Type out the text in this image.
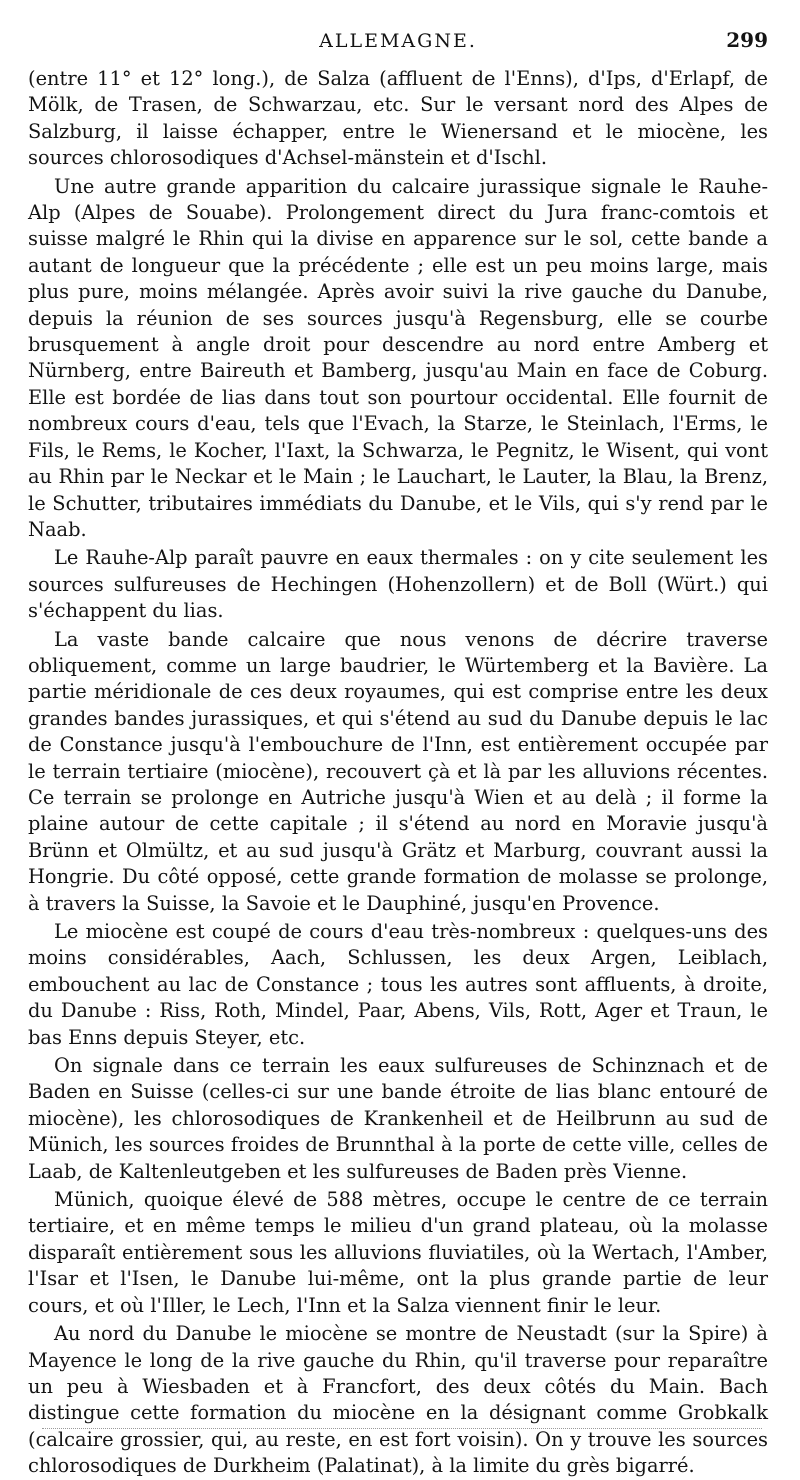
ALLEMAGNE.	299

(entre 11° et 12° long.), de Salza (affluent de l'Enns), d'Ips, d'Erlapf, de Mölk, de Trasen, de Schwarzau, etc. Sur le versant nord des Alpes de Salzburg, il laisse échapper, entre le Wienersand et le miocène, les sources chlorosodiques d'Achsel-mänstein et d'Ischl.

Une autre grande apparition du calcaire jurassique signale le Rauhe-Alp (Alpes de Souabe). Prolongement direct du Jura franc-comtois et suisse malgré le Rhin qui la divise en apparence sur le sol, cette bande a autant de longueur que la précédente ; elle est un peu moins large, mais plus pure, moins mélangée. Après avoir suivi la rive gauche du Danube, depuis la réunion de ses sources jusqu'à Regensburg, elle se courbe brusquement à angle droit pour descendre au nord entre Amberg et Nürnberg, entre Baireuth et Bamberg, jusqu'au Main en face de Coburg. Elle est bordée de lias dans tout son pourtour occidental. Elle fournit de nombreux cours d'eau, tels que l'Evach, la Starze, le Steinlach, l'Erms, le Fils, le Rems, le Kocher, l'Iaxt, la Schwarza, le Pegnitz, le Wisent, qui vont au Rhin par le Neckar et le Main ; le Lauchart, le Lauter, la Blau, la Brenz, le Schutter, tributaires immédiats du Danube, et le Vils, qui s'y rend par le Naab.

Le Rauhe-Alp paraît pauvre en eaux thermales : on y cite seulement les sources sulfureuses de Hechingen (Hohenzollern) et de Boll (Würt.) qui s'échappent du lias.

La vaste bande calcaire que nous venons de décrire traverse obliquement, comme un large baudrier, le Würtemberg et la Bavière. La partie méridionale de ces deux royaumes, qui est comprise entre les deux grandes bandes jurassiques, et qui s'étend au sud du Danube depuis le lac de Constance jusqu'à l'embouchure de l'Inn, est entièrement occupée par le terrain tertiaire (miocène), recouvert çà et là par les alluvions récentes. Ce terrain se prolonge en Autriche jusqu'à Wien et au delà ; il forme la plaine autour de cette capitale ; il s'étend au nord en Moravie jusqu'à Brünn et Olmültz, et au sud jusqu'à Grätz et Marburg, couvrant aussi la Hongrie. Du côté opposé, cette grande formation de molasse se prolonge, à travers la Suisse, la Savoie et le Dauphiné, jusqu'en Provence.

Le miocène est coupé de cours d'eau très-nombreux : quelques-uns des moins considérables, Aach, Schlussen, les deux Argen, Leiblach, embouchent au lac de Constance ; tous les autres sont affluents, à droite, du Danube : Riss, Roth, Mindel, Paar, Abens, Vils, Rott, Ager et Traun, le bas Enns depuis Steyer, etc.

On signale dans ce terrain les eaux sulfureuses de Schinznach et de Baden en Suisse (celles-ci sur une bande étroite de lias blanc entouré de miocène), les chlorosodiques de Krankenheil et de Heilbrunn au sud de Münich, les sources froides de Brunnthal à la porte de cette ville, celles de Laab, de Kaltenleutgeben et les sulfureuses de Baden près Vienne.

Münich, quoique élevé de 588 mètres, occupe le centre de ce terrain tertiaire, et en même temps le milieu d'un grand plateau, où la molasse disparaît entièrement sous les alluvions fluviatiles, où la Wertach, l'Amber, l'Isar et l'Isen, le Danube lui-même, ont la plus grande partie de leur cours, et où l'Iller, le Lech, l'Inn et la Salza viennent finir le leur.

Au nord du Danube le miocène se montre de Neustadt (sur la Spire) à Mayence le long de la rive gauche du Rhin, qu'il traverse pour reparaître un peu à Wiesbaden et à Francfort, des deux côtés du Main. Bach distingue cette formation du miocène en la désignant comme Grobkalk (calcaire grossier, qui, au reste, en est fort voisin). On y trouve les sources chlorosodiques de Durkheim (Palatinat), à la limite du grès bigarré.
